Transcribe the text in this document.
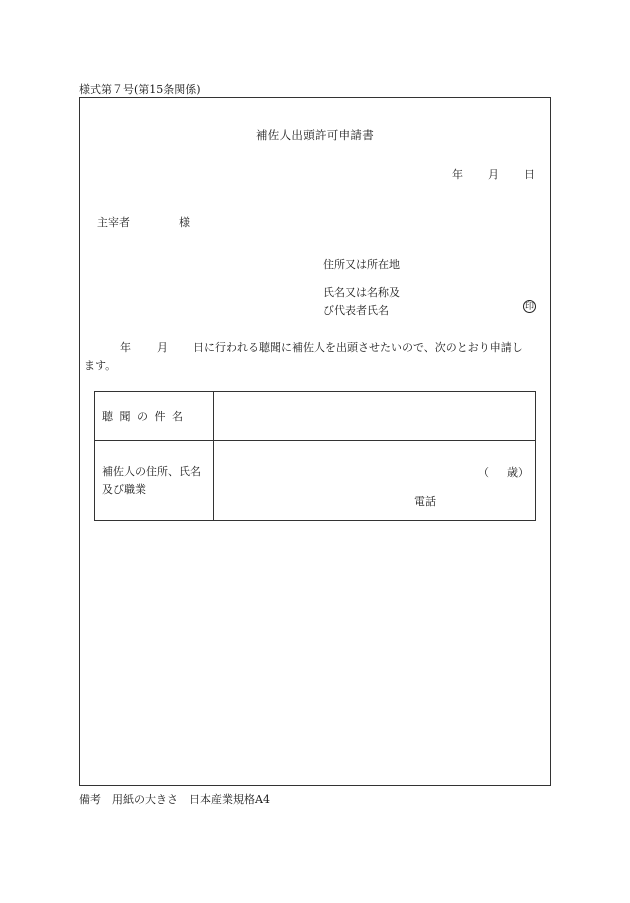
様式第７号(第15条関係)
補佐人出頭許可申請書
年 月 日
主宰者	様
住所又は所在地
氏名又は名称及
び代表者氏名	印
年 月 日に行われる聴聞に補佐人を出頭させたいので、次のとおり申請し
ます。
聴聞の件名	

補佐人の住所、氏名
及び職業	（ 歳）
電話
備考　用紙の大きさ　日本産業規格A4
